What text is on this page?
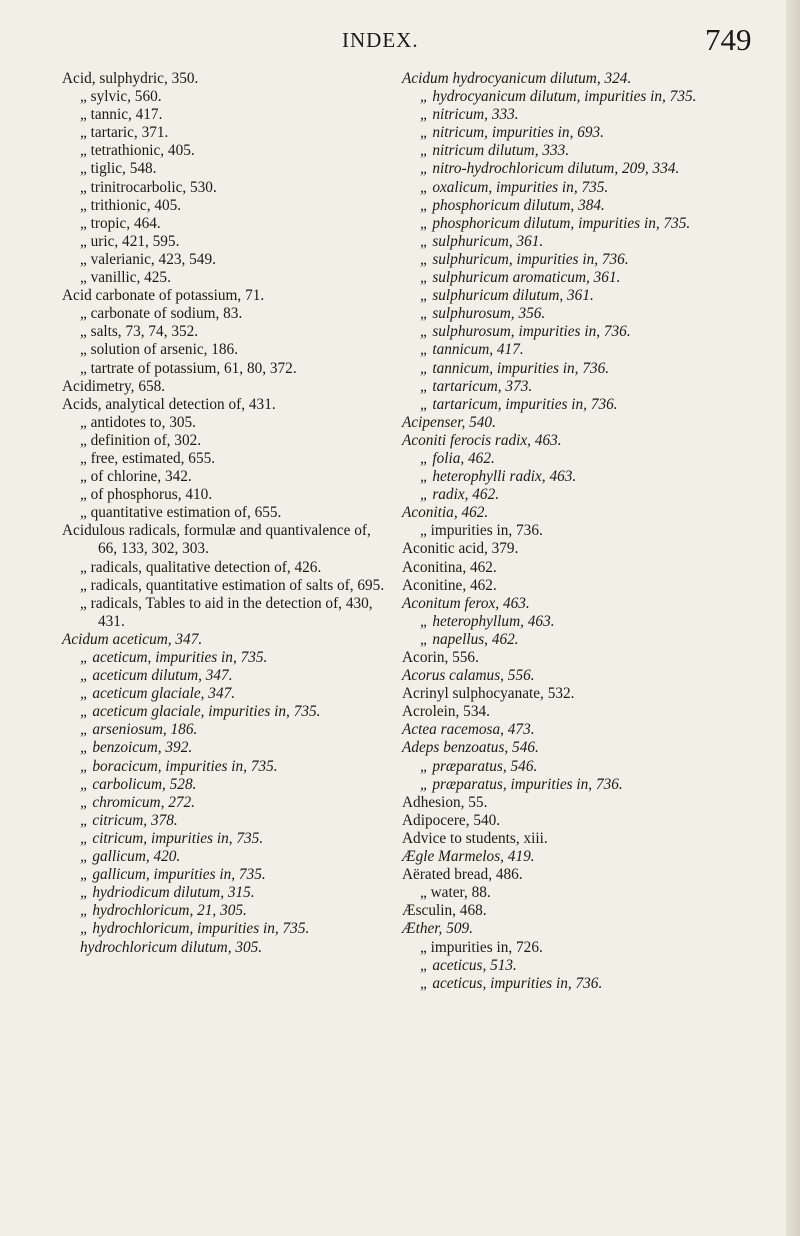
INDEX.	749
Acid, sulphydric, 350.
„ sylvic, 560.
„ tannic, 417.
„ tartaric, 371.
„ tetrathionic, 405.
„ tiglic, 548.
„ trinitrocarbolic, 530.
„ trithionic, 405.
„ tropic, 464.
„ uric, 421, 595.
„ valerianic, 423, 549.
„ vanillic, 425.
Acid carbonate of potassium, 71.
„ carbonate of sodium, 83.
„ salts, 73, 74, 352.
„ solution of arsenic, 186.
„ tartrate of potassium, 61, 80, 372.
Acidimetry, 658.
Acids, analytical detection of, 431.
„ antidotes to, 305.
„ definition of, 302.
„ free, estimated, 655.
„ of chlorine, 342.
„ of phosphorus, 410.
„ quantitative estimation of, 655.
Acidulous radicals, formulæ and quantivalence of, 66, 133, 302, 303.
„ radicals, qualitative detection of, 426.
„ radicals, quantitative estimation of salts of, 695.
„ radicals, Tables to aid in the detection of, 430, 431.
Acidum aceticum, 347.
„ aceticum, impurities in, 735.
„ aceticum dilutum, 347.
„ aceticum glaciale, 347.
„ aceticum glaciale, impurities in, 735.
„ arseniosum, 186.
„ benzoicum, 392.
„ boracicum, impurities in, 735.
„ carbolicum, 528.
„ chromicum, 272.
„ citricum, 378.
„ citricum, impurities in, 735.
„ gallicum, 420.
„ gallicum, impurities in, 735.
„ hydriodicum dilutum, 315.
„ hydrochloricum, 21, 305.
„ hydrochloricum, impurities in, 735.
hydrochloricum dilutum, 305.
Acidum hydrocyanicum dilutum, 324.
„ hydrocyanicum dilutum, impurities in, 735.
„ nitricum, 333.
„ nitricum, impurities in, 693.
„ nitricum dilutum, 333.
„ nitro-hydrochloricum dilutum, 209, 334.
„ oxalicum, impurities in, 735.
„ phosphoricum dilutum, 384.
„ phosphoricum dilutum, impurities in, 735.
„ sulphuricum, 361.
„ sulphuricum, impurities in, 736.
„ sulphuricum aromaticum, 361.
„ sulphuricum dilutum, 361.
„ sulphurosum, 356.
„ sulphurosum, impurities in, 736.
„ tannicum, 417.
„ tannicum, impurities in, 736.
„ tartaricum, 373.
„ tartaricum, impurities in, 736.
Acipenser, 540.
Aconiti ferocis radix, 463.
„ folia, 462.
„ heterophylli radix, 463.
„ radix, 462.
Aconitia, 462.
„ impurities in, 736.
Aconitic acid, 379.
Aconitina, 462.
Aconitine, 462.
Aconitum ferox, 463.
„ heterophyllum, 463.
„ napellus, 462.
Acorin, 556.
Acorus calamus, 556.
Acrinyl sulphocyanate, 532.
Acrolein, 534.
Actea racemosa, 473.
Adeps benzoatus, 546.
„ præparatus, 546.
„ præparatus, impurities in, 736.
Adhesion, 55.
Adipocere, 540.
Advice to students, xiii.
Ægle Marmelos, 419.
Aërated bread, 486.
„ water, 88.
Æsculin, 468.
Æther, 509.
„ impurities in, 726.
„ aceticus, 513.
„ aceticus, impurities in, 736.
